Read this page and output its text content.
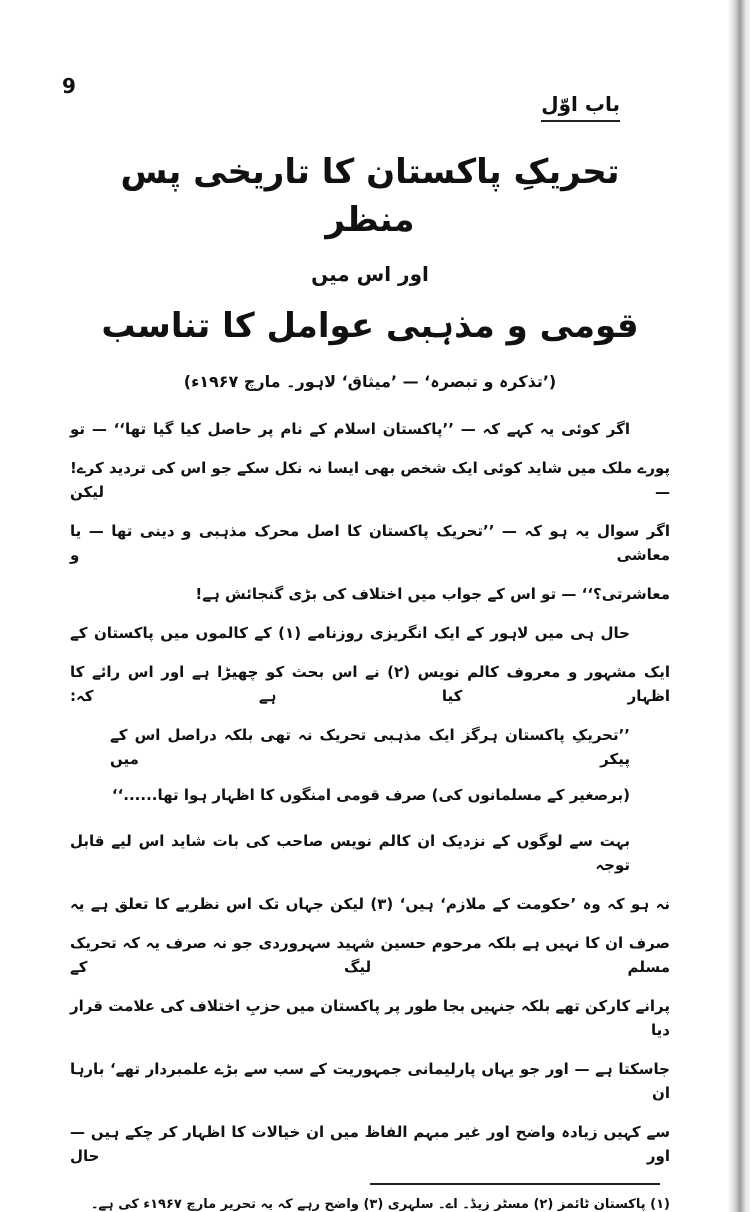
9
باب اوّل
تحریکِ پاکستان کا تاریخی پس منظر
اور اس میں
قومی و مذہبی عوامل کا تناسب
(’تذکرہ و تبصرہ‘ — ’میثاق‘ لاہور۔ مارچ ۱۹۶۷ء)
اگر کوئی یہ کہے کہ — ’’پاکستان اسلام کے نام پر حاصل کیا گیا تھا‘‘ — تو
پورے ملک میں شاید کوئی ایک شخص بھی ایسا نہ نکل سکے جو اس کی تردید کرے! — لیکن
اگر سوال یہ ہو کہ — ’’تحریک پاکستان کا اصل محرک مذہبی و دینی تھا — یا معاشی و
معاشرتی؟‘‘ — تو اس کے جواب میں اختلاف کی بڑی گنجائش ہے!
حال ہی میں لاہور کے ایک انگریزی روزنامے (۱) کے کالموں میں پاکستان کے
ایک مشہور و معروف کالم نویس (۲) نے اس بحث کو چھیڑا ہے اور اس رائے کا اظہار کیا ہے کہ:
’’تحریکِ پاکستان ہرگز ایک مذہبی تحریک نہ تھی بلکہ دراصل اس کے پیکر میں
(برصغیر کے مسلمانوں کی) صرف قومی امنگوں کا اظہار ہوا تھا......‘‘
بہت سے لوگوں کے نزدیک ان کالم نویس صاحب کی بات شاید اس لیے قابل توجہ
نہ ہو کہ وہ ’حکومت کے ملازم‘ ہیں‘ (۳) لیکن جہاں تک اس نظریے کا تعلق ہے یہ
صرف ان کا نہیں ہے بلکہ مرحوم حسین شہید سہروردی جو نہ صرف یہ کہ تحریک مسلم لیگ کے
پرانے کارکن تھے بلکہ جنہیں بجا طور پر پاکستان میں حزبِ اختلاف کی علامت قرار دیا
جاسکتا ہے — اور جو یہاں پارلیمانی جمہوریت کے سب سے بڑے علمبردار تھے‘ بارہا ان
سے کہیں زیادہ واضح اور غیر مبہم الفاظ میں ان خیالات کا اظہار کر چکے ہیں — اور حال
(۱) پاکستان ٹائمز (۲) مسٹر زیڈ۔ اے۔ سلہری (۳) واضح رہے کہ یہ تحریر مارچ ۱۹۶۷ء کی ہے۔
